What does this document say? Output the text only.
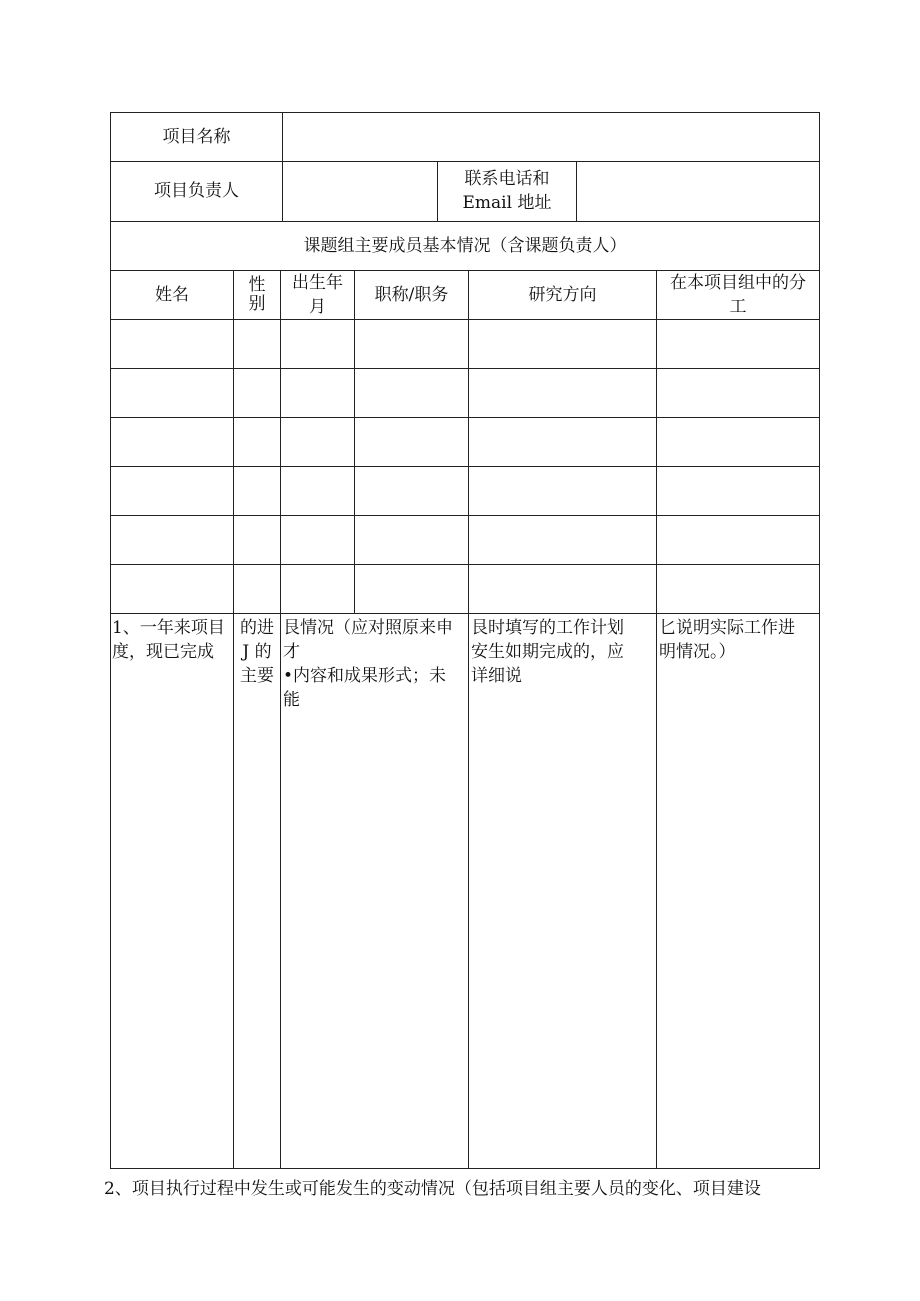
项目名称
项目负责人
联系电话和
Email 地址
课题组主要成员基本情况（含课题负责人）
姓名	性
别
出生年
月
职称/职务	研究方向
在本项目组中的分
工
1、一年来项目
度，现已完成
的进
J 的
主要
艮情况（应对照原来申
才
•内容和成果形式；未
能
艮时填写的工作计划
安生如期完成的，应
详细说
匕说明实际工作进
明情况。）
2、项目执行过程中发生或可能发生的变动情况（包括项目组主要人员的变化、项目建设
